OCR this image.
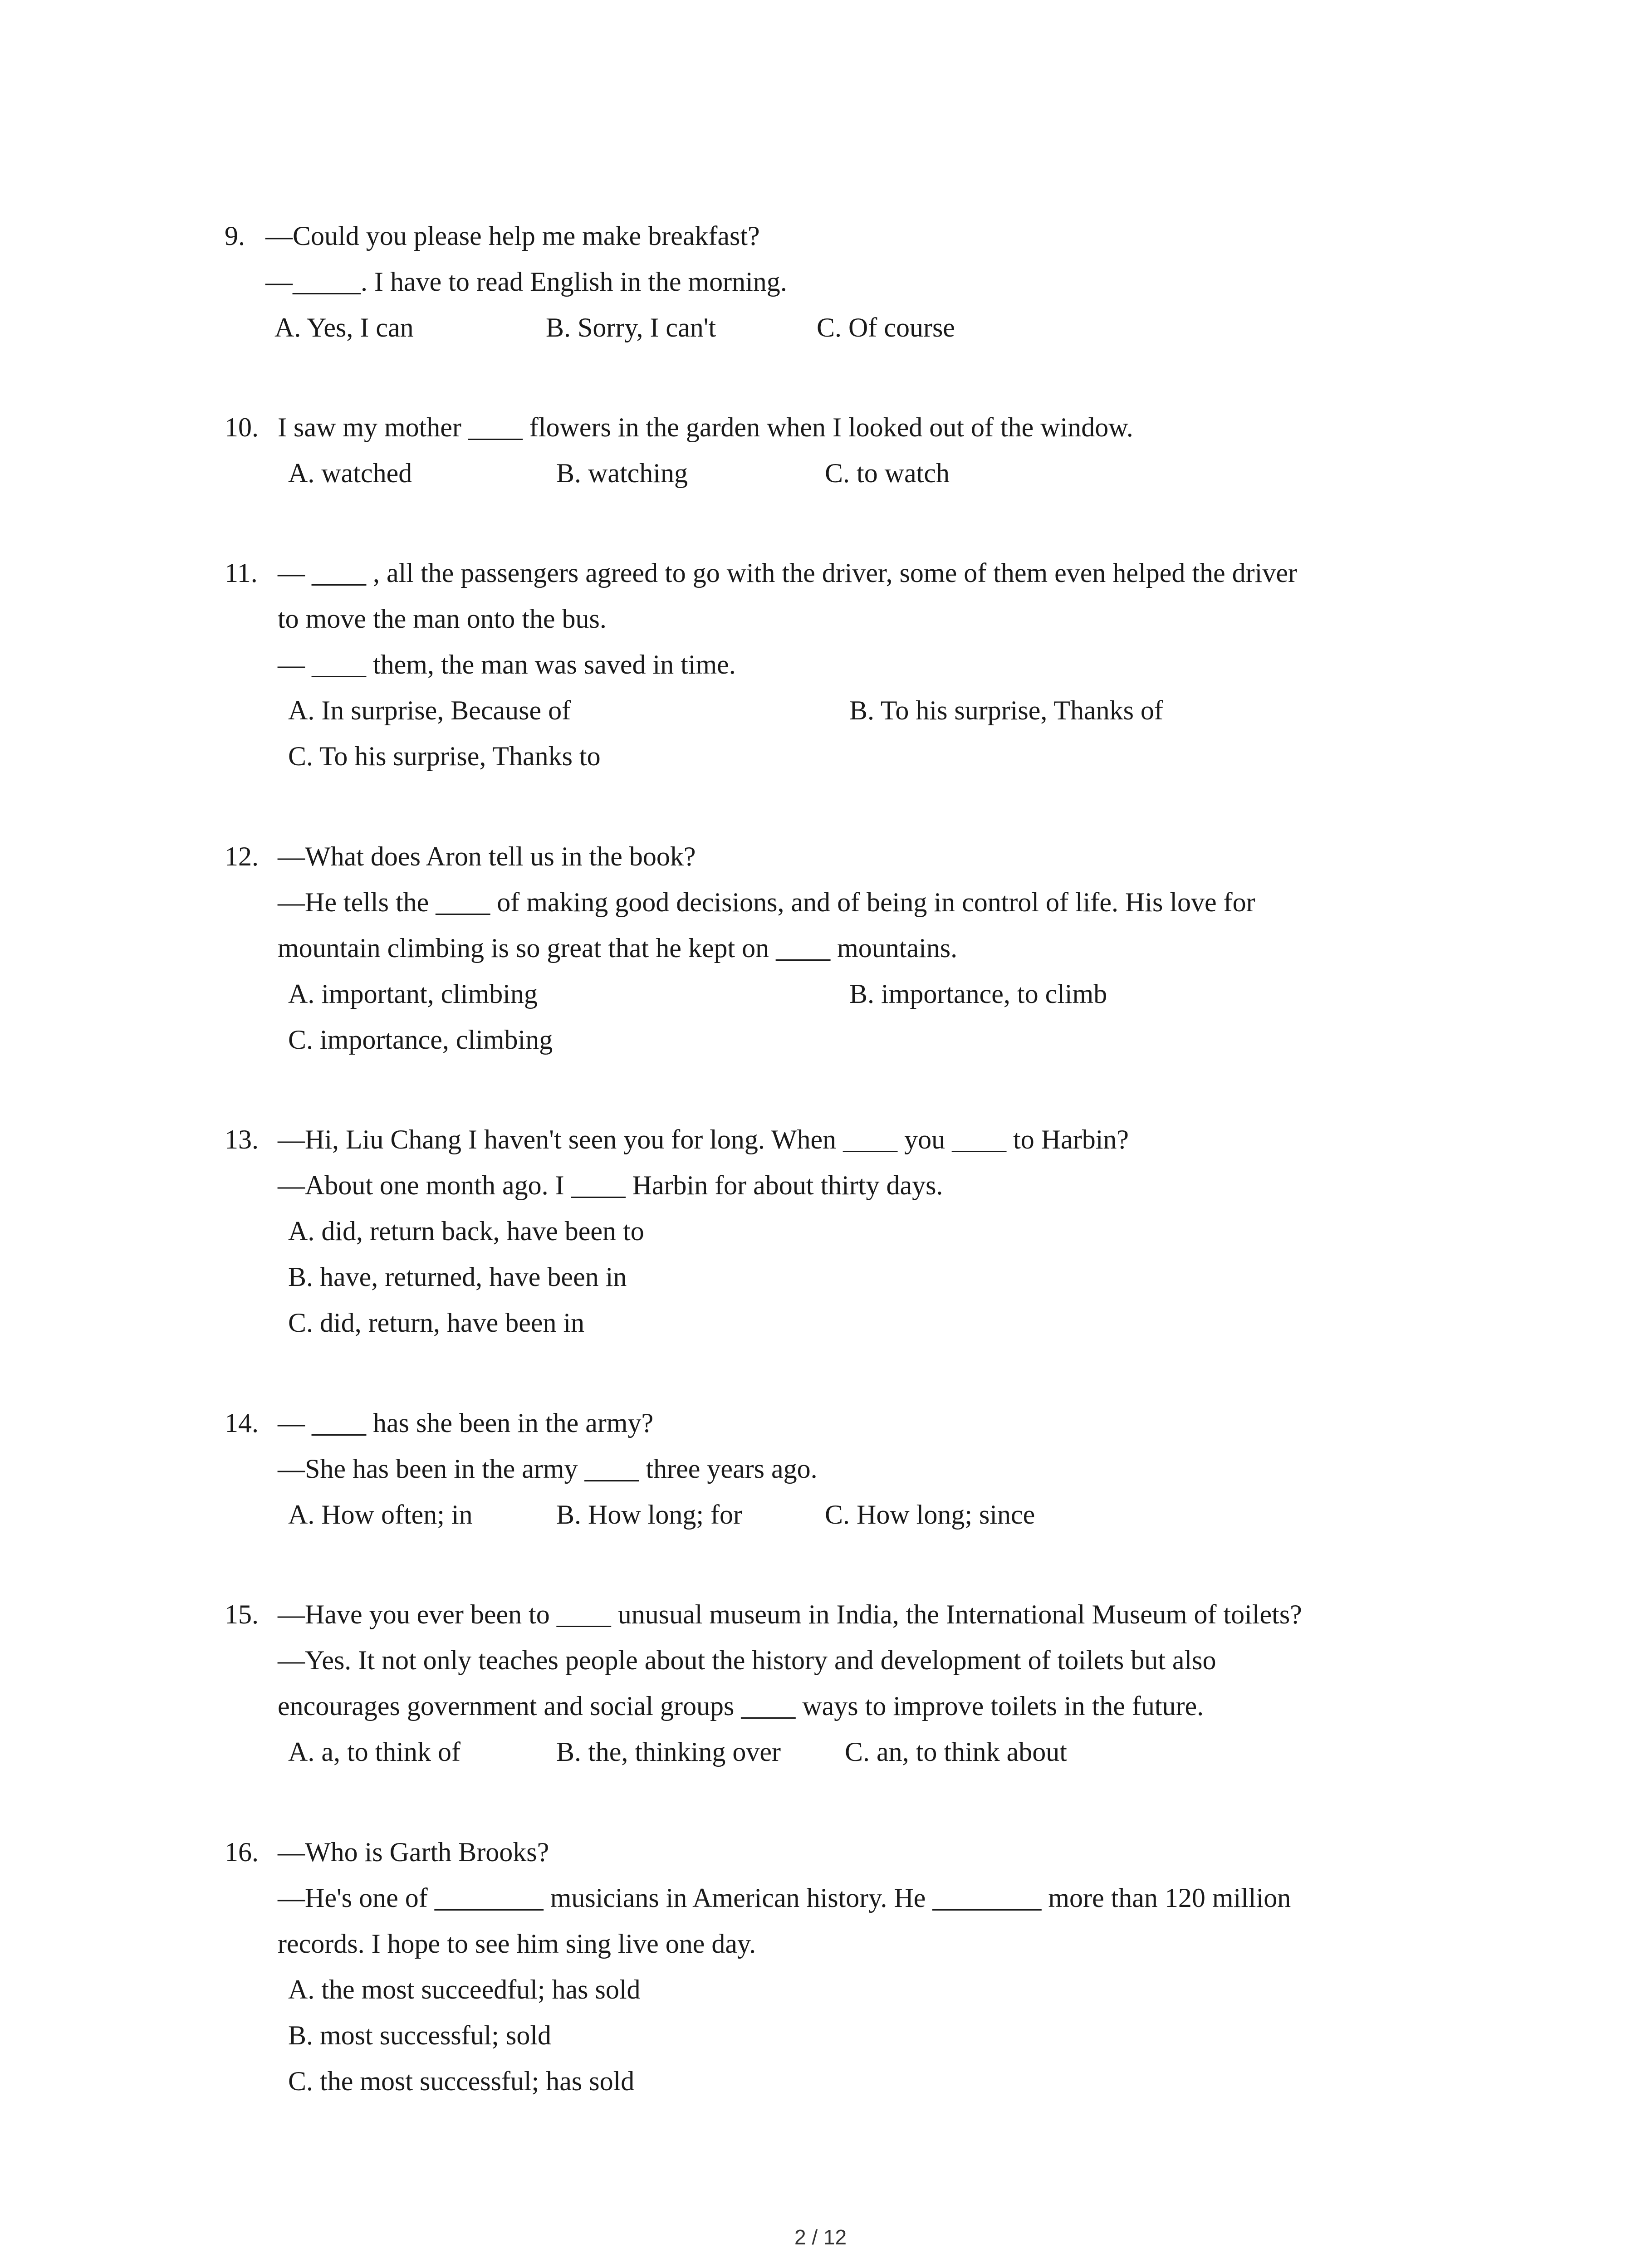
9. —Could you please help me make breakfast?
—_____. I have to read English in the morning.
A. Yes, I can	B. Sorry, I can't	C. Of course
10. I saw my mother ____ flowers in the garden when I looked out of the window.
A. watched	B. watching	C. to watch
11. — ____ , all the passengers agreed to go with the driver, some of them even helped the driver
to move the man onto the bus.
— ____ them, the man was saved in time.
A. In surprise, Because of	B. To his surprise, Thanks of
C. To his surprise, Thanks to
12. —What does Aron tell us in the book?
—He tells the ____ of making good decisions, and of being in control of life. His love for
mountain climbing is so great that he kept on ____ mountains.
A. important, climbing	B. importance, to climb
C. importance, climbing
13. —Hi, Liu Chang I haven't seen you for long. When ____ you ____ to Harbin?
—About one month ago. I ____ Harbin for about thirty days.
A. did, return back, have been to
B. have, returned, have been in
C. did, return, have been in
14. — ____ has she been in the army?
—She has been in the army ____ three years ago.
A. How often; in	B. How long; for	C. How long; since
15. —Have you ever been to ____ unusual museum in India, the International Museum of toilets?
—Yes. It not only teaches people about the history and development of toilets but also
encourages government and social groups ____ ways to improve toilets in the future.
A. a, to think of	B. the, thinking over C. an, to think about
16. —Who is Garth Brooks?
—He's one of ________ musicians in American history. He ________ more than 120 million
records. I hope to see him sing live one day.
A. the most succeedful; has sold
B. most successful; sold
C. the most successful; has sold
2 / 12
